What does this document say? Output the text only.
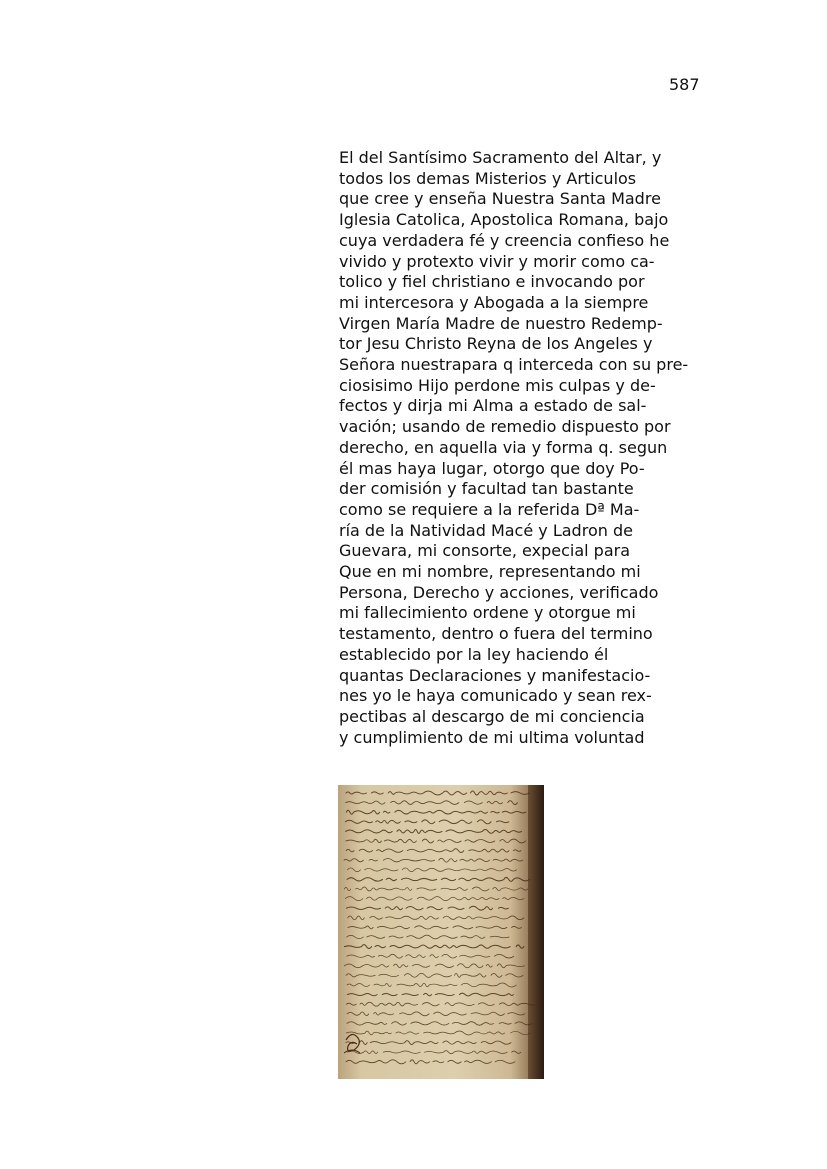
587
El del Santísimo Sacramento del Altar, y
todos los demas Misterios y Articulos
que cree y enseña Nuestra Santa Madre
Iglesia Catolica, Apostolica Romana, bajo
cuya verdadera fé y creencia confieso he
vivido y protexto vivir y morir como ca-
tolico y fiel christiano e invocando por
mi intercesora y Abogada a la siempre
Virgen María Madre de nuestro Redemp-
tor Jesu Christo Reyna de los Angeles y
Señora nuestrapara q interceda con su pre-
ciosisimo Hijo perdone mis culpas y de-
fectos y dirja mi Alma a estado de sal-
vación; usando de remedio dispuesto por
derecho, en aquella via y forma q. segun
él mas haya lugar, otorgo que doy Po-
der comisión y facultad tan bastante
como se requiere a la referida Dª Ma-
ría de la Natividad Macé y Ladron de
Guevara, mi consorte, expecial para
Que en mi nombre, representando mi
Persona, Derecho y acciones, verificado
mi fallecimiento ordene y otorgue mi
testamento, dentro o fuera del termino
establecido por la ley haciendo él
quantas Declaraciones y manifestacio-
nes yo le haya comunicado y sean rex-
pectibas al descargo de mi conciencia
y cumplimiento de mi ultima voluntad
